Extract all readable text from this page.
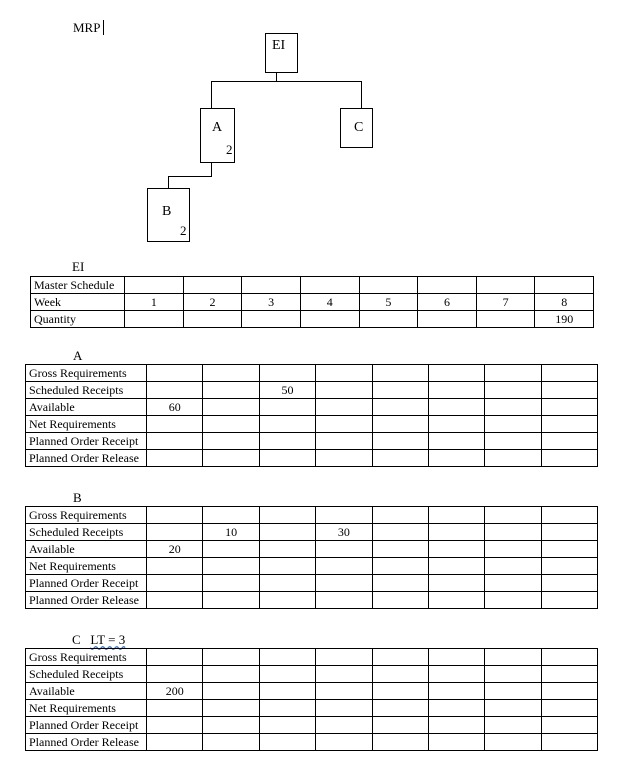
MRP
EI
A
2
C
B
2
EI
Master Schedule								
Week	1	2	3	4	5	6	7	8
Quantity								190
A
Gross Requirements								
Scheduled Receipts			50					
Available	60							
Net Requirements								
Planned Order Receipt								
Planned Order Release								
B
Gross Requirements								
Scheduled Receipts		10		30				
Available	20							
Net Requirements								
Planned Order Receipt								
Planned Order Release								
C LT = 3
Gross Requirements								
Scheduled Receipts								
Available	200							
Net Requirements								
Planned Order Receipt								
Planned Order Release								
